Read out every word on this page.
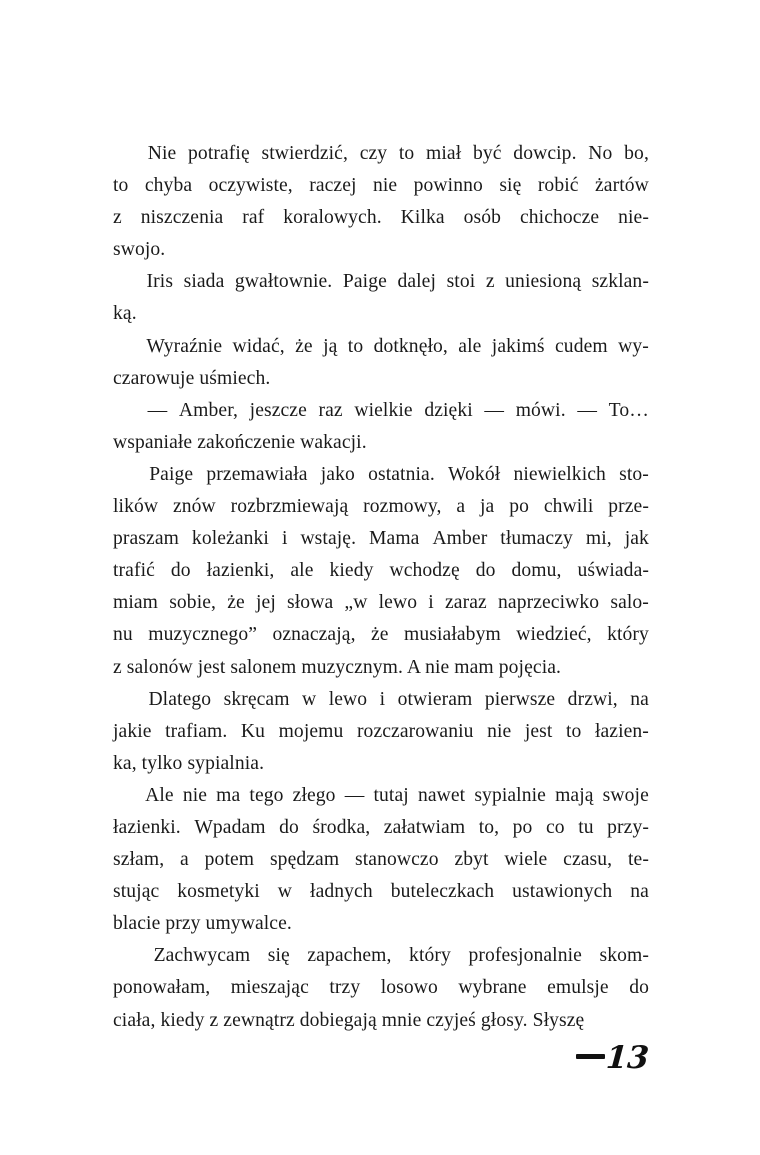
Nie potrafię stwierdzić, czy to miał być dowcip. No bo,
to chyba oczywiste, raczej nie powinno się robić żartów
z niszczenia raf koralowych. Kilka osób chichocze nie-
swojo.

Iris siada gwałtownie. Paige dalej stoi z uniesioną szklan-
ką.

Wyraźnie widać, że ją to dotknęło, ale jakimś cudem wy-
czarowuje uśmiech.

— Amber, jeszcze raz wielkie dzięki — mówi. — To…
wspaniałe zakończenie wakacji.

Paige przemawiała jako ostatnia. Wokół niewielkich sto-
lików znów rozbrzmiewają rozmowy, a ja po chwili prze-
praszam koleżanki i wstaję. Mama Amber tłumaczy mi, jak
trafić do łazienki, ale kiedy wchodzę do domu, uświada-
miam sobie, że jej słowa „w lewo i zaraz naprzeciwko salo-
nu muzycznego” oznaczają, że musiałabym wiedzieć, który
z salonów jest salonem muzycznym. A nie mam pojęcia.

Dlatego skręcam w lewo i otwieram pierwsze drzwi, na
jakie trafiam. Ku mojemu rozczarowaniu nie jest to łazien-
ka, tylko sypialnia.

Ale nie ma tego złego — tutaj nawet sypialnie mają swoje
łazienki. Wpadam do środka, załatwiam to, po co tu przy-
szłam, a potem spędzam stanowczo zbyt wiele czasu, te-
stując kosmetyki w ładnych buteleczkach ustawionych na
blacie przy umywalce.

Zachwycam się zapachem, który profesjonalnie skom-
ponowałam, mieszając trzy losowo wybrane emulsje do
ciała, kiedy z zewnątrz dobiegają mnie czyjeś głosy. Słyszę

13
